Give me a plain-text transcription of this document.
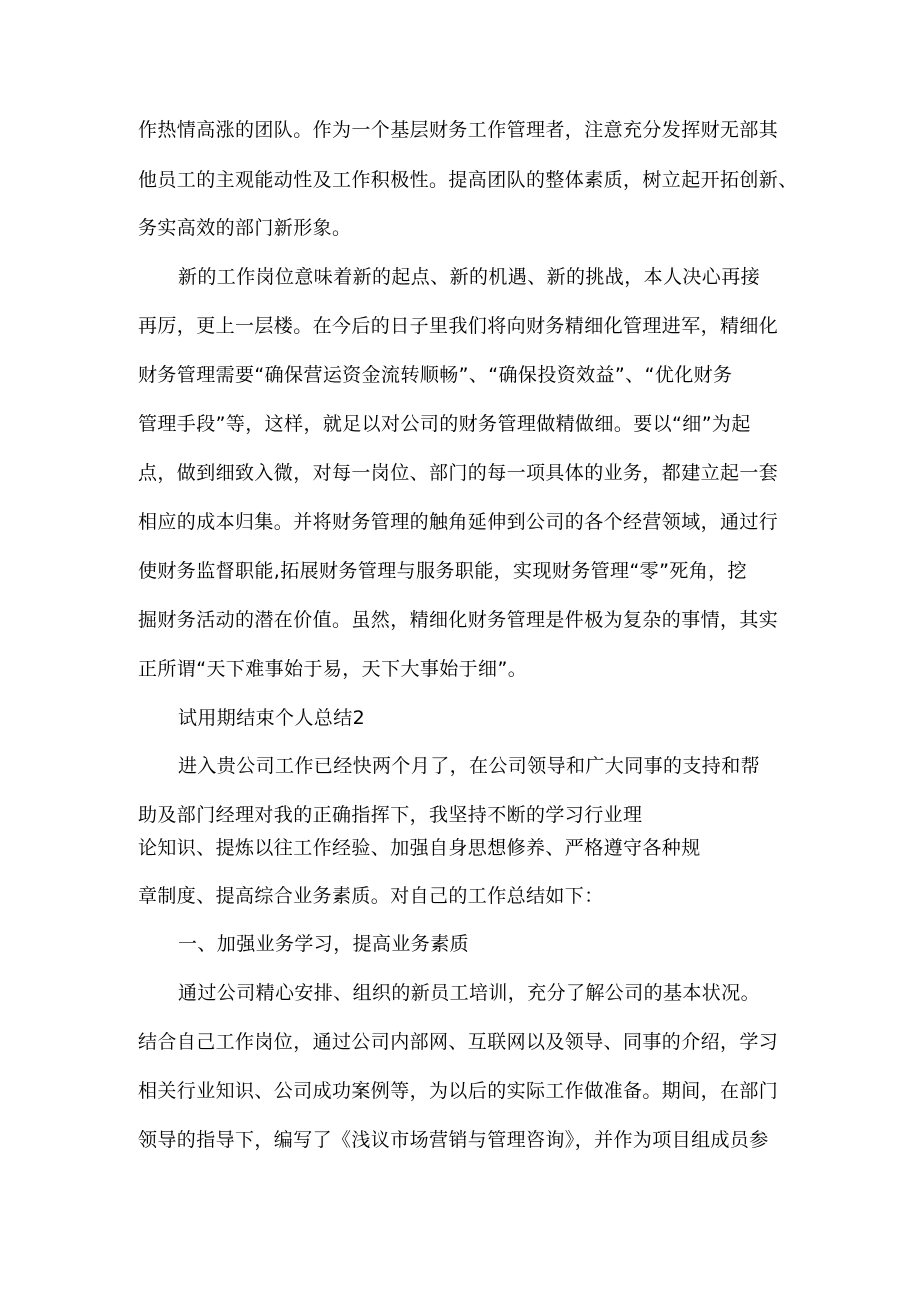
作热情高涨的团队。作为一个基层财务工作管理者，注意充分发挥财无部其
他员工的主观能动性及工作积极性。提高团队的整体素质，树立起开拓创新、
务实高效的部门新形象。
新的工作岗位意味着新的起点、新的机遇、新的挑战，本人决心再接
再厉，更上一层楼。在今后的日子里我们将向财务精细化管理进军，精细化
财务管理需要“确保营运资金流转顺畅”、“确保投资效益”、“优化财务
管理手段”等，这样，就足以对公司的财务管理做精做细。要以“细”为起
点，做到细致入微，对每一岗位、部门的每一项具体的业务，都建立起一套
相应的成本归集。并将财务管理的触角延伸到公司的各个经营领域，通过行
使财务监督职能,拓展财务管理与服务职能，实现财务管理“零”死角，挖
掘财务活动的潜在价值。虽然，精细化财务管理是件极为复杂的事情，其实
正所谓“天下难事始于易，天下大事始于细”。
试用期结束个人总结2
进入贵公司工作已经快两个月了，在公司领导和广大同事的支持和帮
助及部门经理对我的正确指挥下，我坚持不断的学习行业理
论知识、提炼以往工作经验、加强自身思想修养、严格遵守各种规
章制度、提高综合业务素质。对自己的工作总结如下：
一、加强业务学习，提高业务素质
通过公司精心安排、组织的新员工培训，充分了解公司的基本状况。
结合自己工作岗位，通过公司内部网、互联网以及领导、同事的介绍，学习
相关行业知识、公司成功案例等，为以后的实际工作做准备。期间，在部门
领导的指导下，编写了《浅议市场营销与管理咨询》，并作为项目组成员参
